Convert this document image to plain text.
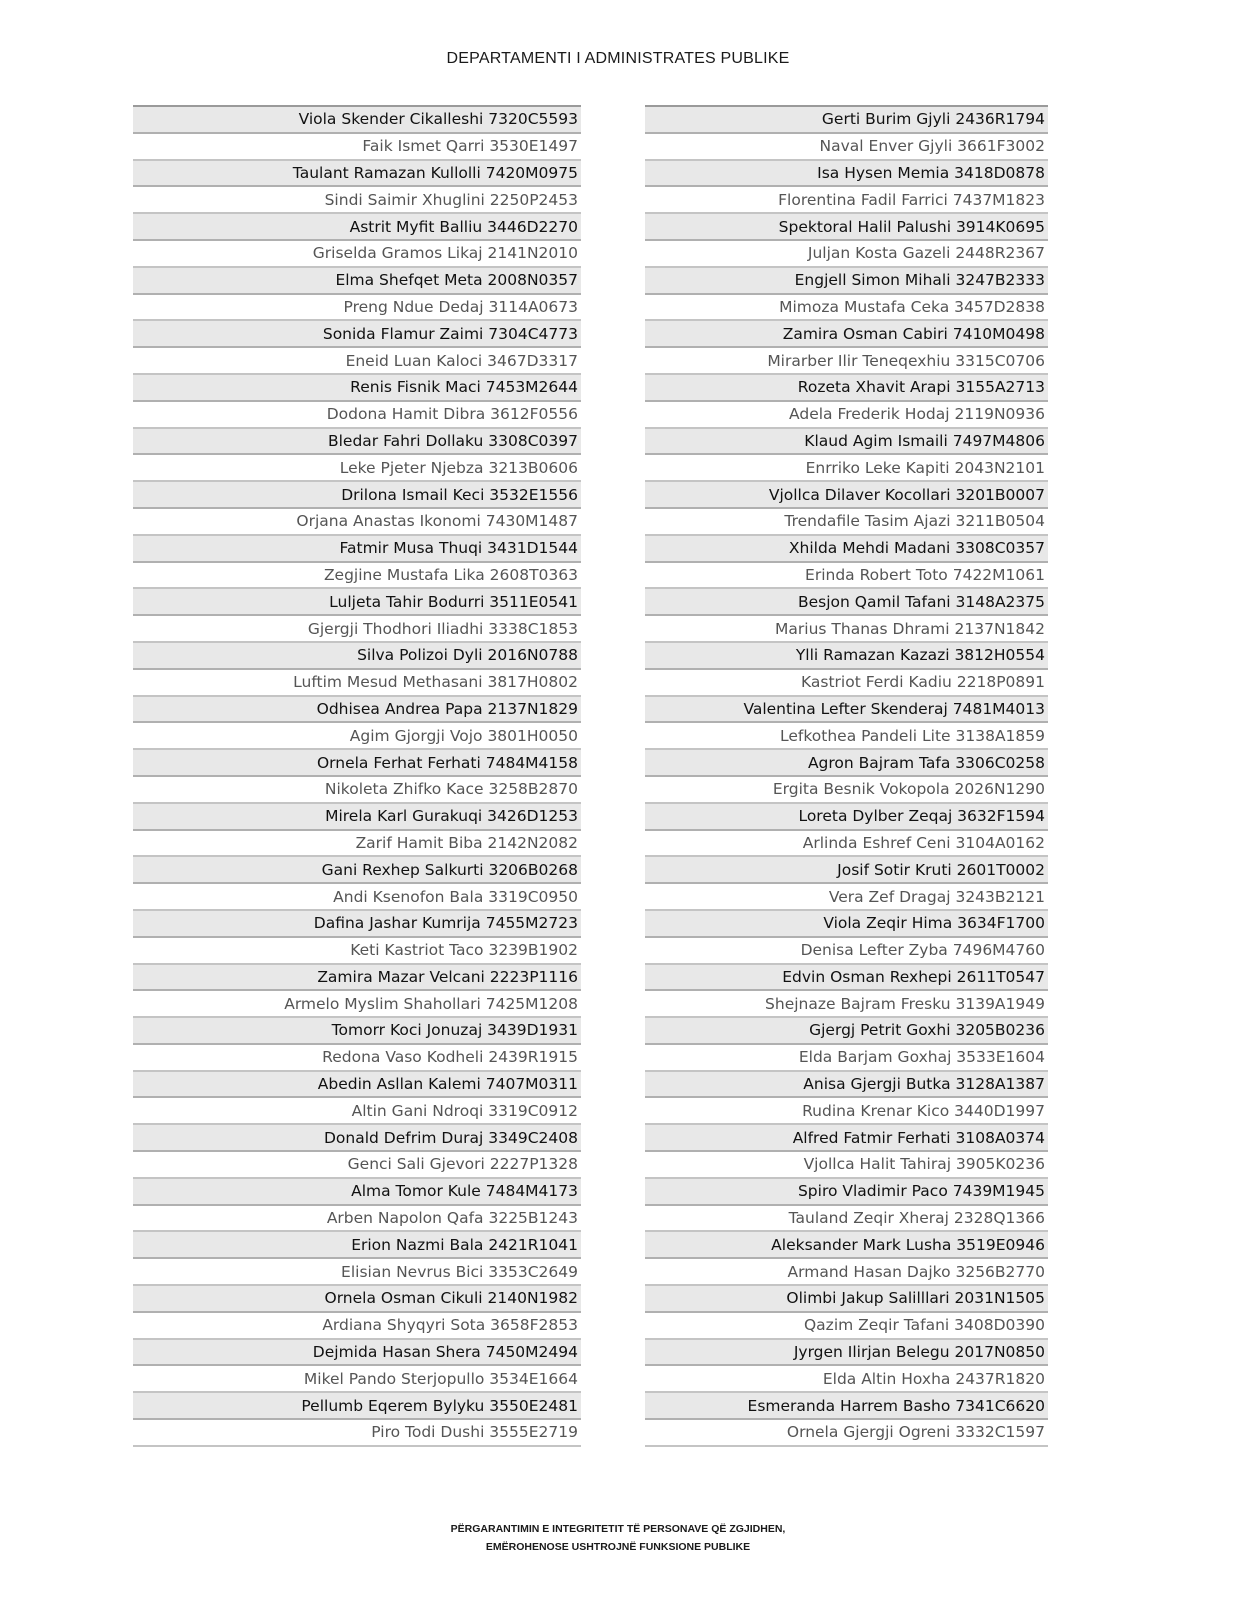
DEPARTAMENTI I ADMINISTRATES PUBLIKE
Viola Skender Cikalleshi 7320C5593
Faik Ismet Qarri 3530E1497
Taulant Ramazan Kullolli 7420M0975
Sindi Saimir Xhuglini 2250P2453
Astrit Myfit Balliu 3446D2270
Griselda Gramos Likaj 2141N2010
Elma Shefqet Meta 2008N0357
Preng Ndue Dedaj 3114A0673
Sonida Flamur Zaimi 7304C4773
Eneid Luan Kaloci 3467D3317
Renis Fisnik Maci 7453M2644
Dodona Hamit Dibra 3612F0556
Bledar Fahri Dollaku 3308C0397
Leke Pjeter Njebza 3213B0606
Drilona Ismail Keci 3532E1556
Orjana Anastas Ikonomi 7430M1487
Fatmir Musa Thuqi 3431D1544
Zegjine Mustafa Lika 2608T0363
Luljeta Tahir Bodurri 3511E0541
Gjergji Thodhori Iliadhi 3338C1853
Silva Polizoi Dyli 2016N0788
Luftim Mesud Methasani 3817H0802
Odhisea Andrea Papa 2137N1829
Agim Gjorgji Vojo 3801H0050
Ornela Ferhat Ferhati 7484M4158
Nikoleta Zhifko Kace 3258B2870
Mirela Karl Gurakuqi 3426D1253
Zarif Hamit Biba 2142N2082
Gani Rexhep Salkurti 3206B0268
Andi Ksenofon Bala 3319C0950
Dafina Jashar Kumrija 7455M2723
Keti Kastriot Taco 3239B1902
Zamira Mazar Velcani 2223P1116
Armelo Myslim Shahollari 7425M1208
Tomorr Koci Jonuzaj 3439D1931
Redona Vaso Kodheli 2439R1915
Abedin Asllan Kalemi 7407M0311
Altin Gani Ndroqi 3319C0912
Donald Defrim Duraj 3349C2408
Genci Sali Gjevori 2227P1328
Alma Tomor Kule 7484M4173
Arben Napolon Qafa 3225B1243
Erion Nazmi Bala 2421R1041
Elisian Nevrus Bici 3353C2649
Ornela Osman Cikuli 2140N1982
Ardiana Shyqyri Sota 3658F2853
Dejmida Hasan Shera 7450M2494
Mikel Pando Sterjopullo 3534E1664
Pellumb Eqerem Bylyku 3550E2481
Piro Todi Dushi 3555E2719
Gerti Burim Gjyli 2436R1794
Naval Enver Gjyli 3661F3002
Isa Hysen Memia 3418D0878
Florentina Fadil Farrici 7437M1823
Spektoral Halil Palushi 3914K0695
Juljan Kosta Gazeli 2448R2367
Engjell Simon Mihali 3247B2333
Mimoza Mustafa Ceka 3457D2838
Zamira Osman Cabiri 7410M0498
Mirarber Ilir Teneqexhiu 3315C0706
Rozeta Xhavit Arapi 3155A2713
Adela Frederik Hodaj 2119N0936
Klaud Agim Ismaili 7497M4806
Enrriko Leke Kapiti 2043N2101
Vjollca Dilaver Kocollari 3201B0007
Trendafile Tasim Ajazi 3211B0504
Xhilda Mehdi Madani 3308C0357
Erinda Robert Toto 7422M1061
Besjon Qamil Tafani 3148A2375
Marius Thanas Dhrami 2137N1842
Ylli Ramazan Kazazi 3812H0554
Kastriot Ferdi Kadiu 2218P0891
Valentina Lefter Skenderaj 7481M4013
Lefkothea Pandeli Lite 3138A1859
Agron Bajram Tafa 3306C0258
Ergita Besnik Vokopola 2026N1290
Loreta Dylber Zeqaj 3632F1594
Arlinda Eshref Ceni 3104A0162
Josif Sotir Kruti 2601T0002
Vera Zef Dragaj 3243B2121
Viola Zeqir Hima 3634F1700
Denisa Lefter Zyba 7496M4760
Edvin Osman Rexhepi 2611T0547
Shejnaze Bajram Fresku 3139A1949
Gjergj Petrit Goxhi 3205B0236
Elda Barjam Goxhaj 3533E1604
Anisa Gjergji Butka 3128A1387
Rudina Krenar Kico 3440D1997
Alfred Fatmir Ferhati 3108A0374
Vjollca Halit Tahiraj 3905K0236
Spiro Vladimir Paco 7439M1945
Tauland Zeqir Xheraj 2328Q1366
Aleksander Mark Lusha 3519E0946
Armand Hasan Dajko 3256B2770
Olimbi Jakup Salilllari 2031N1505
Qazim Zeqir Tafani 3408D0390
Jyrgen Ilirjan Belegu 2017N0850
Elda Altin Hoxha 2437R1820
Esmeranda Harrem Basho 7341C6620
Ornela Gjergji Ogreni 3332C1597
PËRGARANTIMIN E INTEGRITETIT TË PERSONAVE QË ZGJIDHEN,
EMËROHENOSE USHTROJNË FUNKSIONE PUBLIKE
